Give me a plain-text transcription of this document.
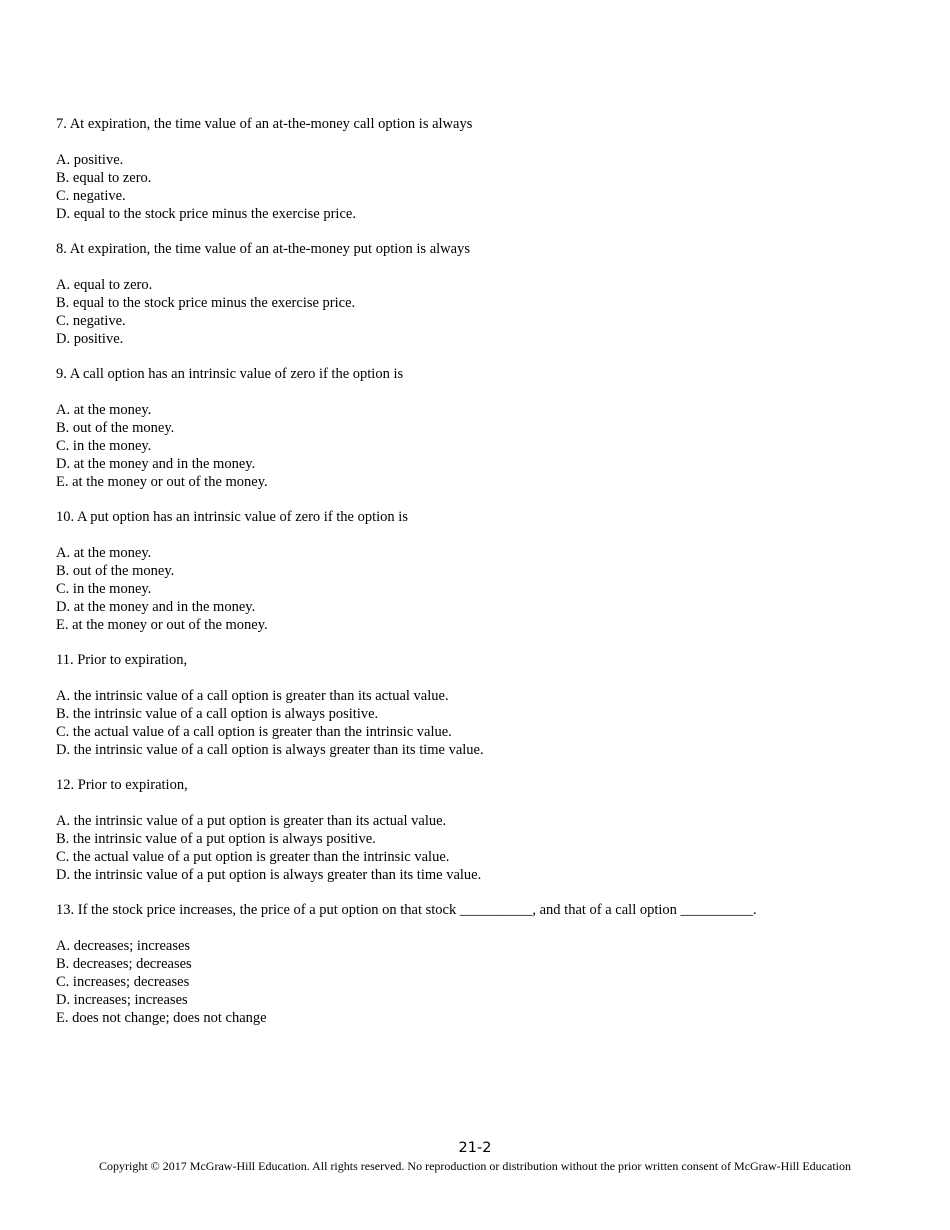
7. At expiration, the time value of an at-the-money call option is always

A. positive.
B. equal to zero.
C. negative.
D. equal to the stock price minus the exercise price.

8. At expiration, the time value of an at-the-money put option is always

A. equal to zero.
B. equal to the stock price minus the exercise price.
C. negative.
D. positive.

9. A call option has an intrinsic value of zero if the option is

A. at the money.
B. out of the money.
C. in the money.
D. at the money and in the money.
E. at the money or out of the money.

10. A put option has an intrinsic value of zero if the option is

A. at the money.
B. out of the money.
C. in the money.
D. at the money and in the money.
E. at the money or out of the money.

11. Prior to expiration,

A. the intrinsic value of a call option is greater than its actual value.
B. the intrinsic value of a call option is always positive.
C. the actual value of a call option is greater than the intrinsic value.
D. the intrinsic value of a call option is always greater than its time value.

12. Prior to expiration,

A. the intrinsic value of a put option is greater than its actual value.
B. the intrinsic value of a put option is always positive.
C. the actual value of a put option is greater than the intrinsic value.
D. the intrinsic value of a put option is always greater than its time value.

13. If the stock price increases, the price of a put option on that stock __________, and that of a call option __________.

A. decreases; increases
B. decreases; decreases
C. increases; decreases
D. increases; increases
E. does not change; does not change
21-2
Copyright © 2017 McGraw-Hill Education. All rights reserved. No reproduction or distribution without the prior written consent of McGraw-Hill Education
